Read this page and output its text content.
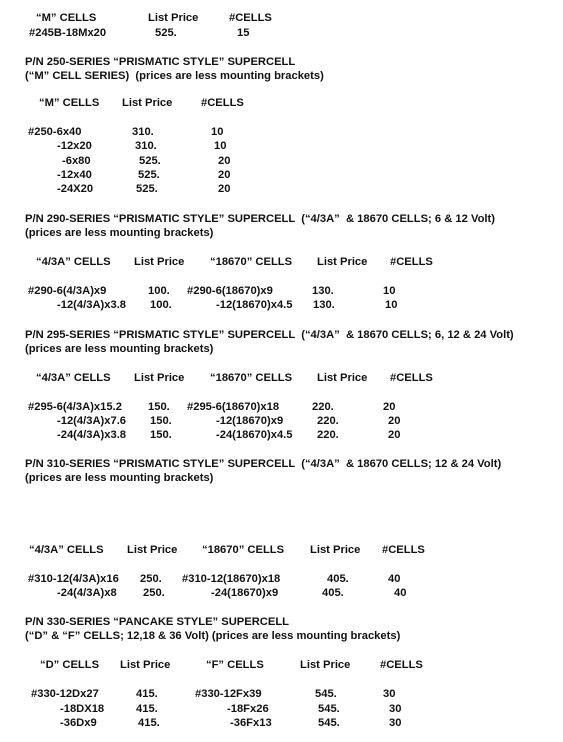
“M” CELLS	List Price	#CELLS
#245B-18Mx20	525.	15
P/N 250-SERIES “PRISMATIC STYLE” SUPERCELL
(“M” CELL SERIES)  (prices are less mounting brackets)
“M” CELLS List Price	#CELLS
#250-6x40	310.	10
-12x20	310.	10
-6x80	525.	20
-12x40	525.	20
-24X20	525.	20
P/N 290-SERIES “PRISMATIC STYLE” SUPERCELL  (“4/3A”  & 18670 CELLS; 6 & 12 Volt)
(prices are less mounting brackets)
“4/3A” CELLS List Price “18670” CELLS List Price #CELLS
#290-6(4/3A)x9	100. #290-6(18670)x9	130.	10
-12(4/3A)x3.8 100.	-12(18670)x4.5 130.	10
P/N 295-SERIES “PRISMATIC STYLE” SUPERCELL  (“4/3A”  & 18670 CELLS; 6, 12 & 24 Volt)
(prices are less mounting brackets)
“4/3A” CELLS List Price “18670” CELLS List Price #CELLS
#295-6(4/3A)x15.2 150. #295-6(18670)x18	220.	20
-12(4/3A)x7.6 150.	-12(18670)x9	220.	20
-24(4/3A)x3.8 150.	-24(18670)x4.5 220.	20
P/N 310-SERIES “PRISMATIC STYLE” SUPERCELL  (“4/3A”  & 18670 CELLS; 12 & 24 Volt)
(prices are less mounting brackets)
“4/3A” CELLS List Price “18670” CELLS List Price #CELLS
#310-12(4/3A)x16 250. #310-12(18670)x18	405.	40
-24(4/3A)x8 250.	-24(18670)x9	405.	40
P/N 330-SERIES “PANCAKE STYLE” SUPERCELL
(“D” & “F” CELLS; 12,18 & 36 Volt) (prices are less mounting brackets)
“D” CELLS List Price	“F” CELLS	List Price	#CELLS
#330-12Dx27	415.	#330-12Fx39	545.	30
-18DX18	415.	-18Fx26	545.	30
-36Dx9	415.	-36Fx13	545.	30
